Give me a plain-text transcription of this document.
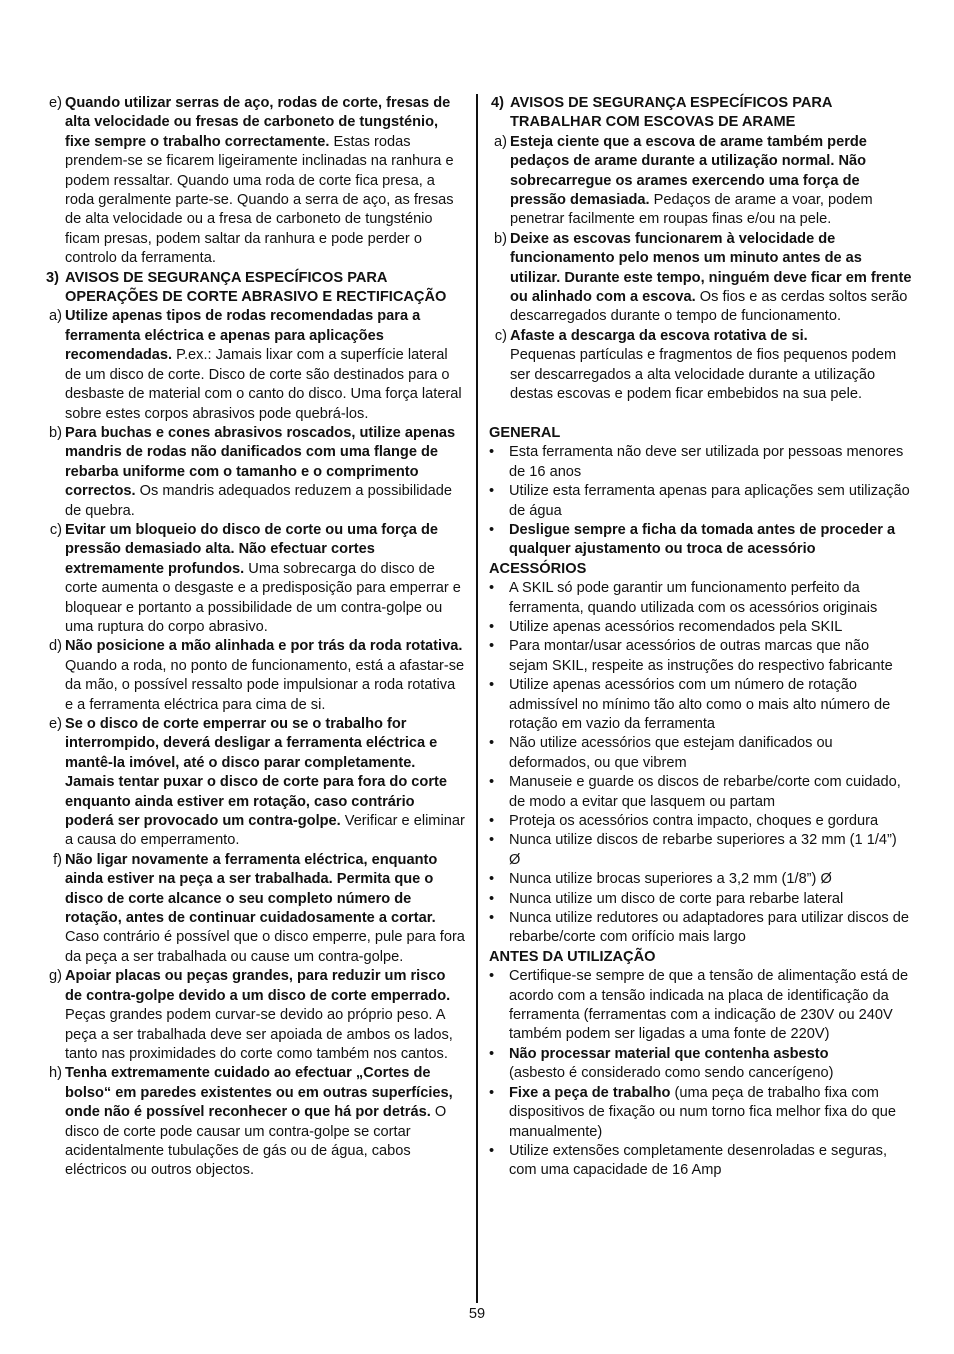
e) Quando utilizar serras de aço, rodas de corte, fresas de alta velocidade ou fresas de carboneto de tungsténio, fixe sempre o trabalho correctamente. Estas rodas prendem-se se ficarem ligeiramente inclinadas na ranhura e podem ressaltar. Quando uma roda de corte fica presa, a roda geralmente parte-se. Quando a serra de aço, as fresas de alta velocidade ou a fresa de carboneto de tungsténio ficam presas, podem saltar da ranhura e pode perder o controlo da ferramenta.
3) AVISOS DE SEGURANÇA ESPECÍFICOS PARA OPERAÇÕES DE CORTE ABRASIVO E RECTIFICAÇÃO
a) Utilize apenas tipos de rodas recomendadas para a ferramenta eléctrica e apenas para aplicações recomendadas. P.ex.: Jamais lixar com a superfície lateral de um disco de corte. Disco de corte são destinados para o desbaste de material com o canto do disco. Uma força lateral sobre estes corpos abrasivos pode quebrá-los.
b) Para buchas e cones abrasivos roscados, utilize apenas mandris de rodas não danificados com uma flange de rebarba uniforme com o tamanho e o comprimento correctos. Os mandris adequados reduzem a possibilidade de quebra.
c) Evitar um bloqueio do disco de corte ou uma força de pressão demasiado alta. Não efectuar cortes extremamente profundos. Uma sobrecarga do disco de corte aumenta o desgaste e a predisposição para emperrar e bloquear e portanto a possibilidade de um contra-golpe ou uma ruptura do corpo abrasivo.
d) Não posicione a mão alinhada e por trás da roda rotativa. Quando a roda, no ponto de funcionamento, está a afastar-se da mão, o possível ressalto pode impulsionar a roda rotativa e a ferramenta eléctrica para cima de si.
e) Se o disco de corte emperrar ou se o trabalho for interrompido, deverá desligar a ferramenta eléctrica e mantê-la imóvel, até o disco parar completamente. Jamais tentar puxar o disco de corte para fora do corte enquanto ainda estiver em rotação, caso contrário poderá ser provocado um contra-golpe. Verificar e eliminar a causa do emperramento.
f) Não ligar novamente a ferramenta eléctrica, enquanto ainda estiver na peça a ser trabalhada. Permita que o disco de corte alcance o seu completo número de rotação, antes de continuar cuidadosamente a cortar. Caso contrário é possível que o disco emperre, pule para fora da peça a ser trabalhada ou cause um contra-golpe.
g) Apoiar placas ou peças grandes, para reduzir um risco de contra-golpe devido a um disco de corte emperrado. Peças grandes podem curvar-se devido ao próprio peso. A peça a ser trabalhada deve ser apoiada de ambos os lados, tanto nas proximidades do corte como também nos cantos.
h) Tenha extremamente cuidado ao efectuar „Cortes de bolso“ em paredes existentes ou em outras superfícies, onde não é possível reconhecer o que há por detrás. O disco de corte pode causar um contra-golpe se cortar acidentalmente tubulações de gás ou de água, cabos eléctricos ou outros objectos.
4) AVISOS DE SEGURANÇA ESPECÍFICOS PARA TRABALHAR COM ESCOVAS DE ARAME
a) Esteja ciente que a escova de arame também perde pedaços de arame durante a utilização normal. Não sobrecarregue os arames exercendo uma força de pressão demasiada. Pedaços de arame a voar, podem penetrar facilmente em roupas finas e/ou na pele.
b) Deixe as escovas funcionarem à velocidade de funcionamento pelo menos um minuto antes de as utilizar. Durante este tempo, ninguém deve ficar em frente ou alinhado com a escova. Os fios e as cerdas soltos serão descarregados durante o tempo de funcionamento.
c) Afaste a descarga da escova rotativa de si.
Pequenas partículas e fragmentos de fios pequenos podem ser descarregados a alta velocidade durante a utilização destas escovas e podem ficar embebidos na sua pele.
GENERAL
• Esta ferramenta não deve ser utilizada por pessoas menores de 16 anos
• Utilize esta ferramenta apenas para aplicações sem utilização de água
• Desligue sempre a ficha da tomada antes de proceder a qualquer ajustamento ou troca de acessório
ACESSÓRIOS
• A SKIL só pode garantir um funcionamento perfeito da ferramenta, quando utilizada com os acessórios originais
• Utilize apenas acessórios recomendados pela SKIL
• Para montar/usar acessórios de outras marcas que não sejam SKIL, respeite as instruções do respectivo fabricante
• Utilize apenas acessórios com um número de rotação admissível no mínimo tão alto como o mais alto número de rotação em vazio da ferramenta
• Não utilize acessórios que estejam danificados ou deformados, ou que vibrem
• Manuseie e guarde os discos de rebarbe/corte com cuidado, de modo a evitar que lasquem ou partam
• Proteja os acessórios contra impacto, choques e gordura
• Nunca utilize discos de rebarbe superiores a 32 mm (1 1/4”) Ø
• Nunca utilize brocas superiores a 3,2 mm (1/8”) Ø
• Nunca utilize um disco de corte para rebarbe lateral
• Nunca utilize redutores ou adaptadores para utilizar discos de rebarbe/corte com orifício mais largo
ANTES DA UTILIZAÇÃO
• Certifique-se sempre de que a tensão de alimentação está de acordo com a tensão indicada na placa de identificação da ferramenta (ferramentas com a indicação de 230V ou 240V também podem ser ligadas a uma fonte de 220V)
• Não processar material que contenha asbesto
(asbesto é considerado como sendo cancerígeno)
• Fixe a peça de trabalho (uma peça de trabalho fixa com dispositivos de fixação ou num torno fica melhor fixa do que manualmente)
• Utilize extensões completamente desenroladas e seguras, com uma capacidade de 16 Amp
59
